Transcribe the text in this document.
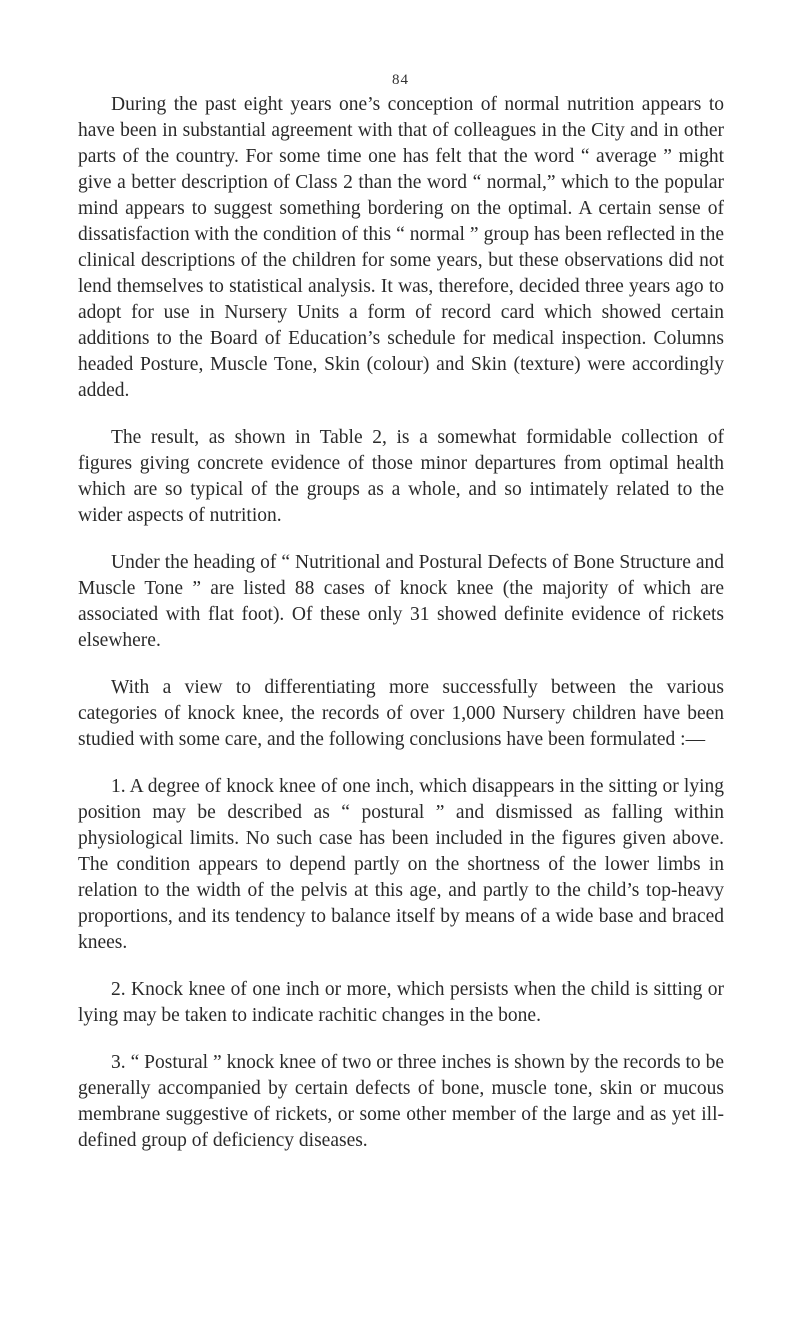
84

During the past eight years one’s conception of normal nutrition appears to have been in substantial agreement with that of colleagues in the City and in other parts of the country. For some time one has felt that the word “ average ” might give a better description of Class 2 than the word “ normal,” which to the popular mind appears to suggest something bordering on the optimal. A certain sense of dissatisfaction with the condition of this “ normal ” group has been reflected in the clinical descriptions of the children for some years, but these observations did not lend themselves to statistical analysis. It was, therefore, decided three years ago to adopt for use in Nursery Units a form of record card which showed certain additions to the Board of Education’s schedule for medical inspection. Columns headed Posture, Muscle Tone, Skin (colour) and Skin (texture) were accordingly added.

The result, as shown in Table 2, is a somewhat formidable collection of figures giving concrete evidence of those minor departures from optimal health which are so typical of the groups as a whole, and so intimately related to the wider aspects of nutrition.

Under the heading of “ Nutritional and Postural Defects of Bone Structure and Muscle Tone ” are listed 88 cases of knock knee (the majority of which are associated with flat foot). Of these only 31 showed definite evidence of rickets elsewhere.

With a view to differentiating more successfully between the various categories of knock knee, the records of over 1,000 Nursery children have been studied with some care, and the following conclusions have been formulated :—

1. A degree of knock knee of one inch, which disappears in the sitting or lying position may be described as “ postural ” and dismissed as falling within physiological limits. No such case has been included in the figures given above. The condition appears to depend partly on the shortness of the lower limbs in relation to the width of the pelvis at this age, and partly to the child’s top-heavy proportions, and its tendency to balance itself by means of a wide base and braced knees.

2. Knock knee of one inch or more, which persists when the child is sitting or lying may be taken to indicate rachitic changes in the bone.

3. “ Postural ” knock knee of two or three inches is shown by the records to be generally accompanied by certain defects of bone, muscle tone, skin or mucous membrane suggestive of rickets, or some other member of the large and as yet ill-defined group of deficiency diseases.
